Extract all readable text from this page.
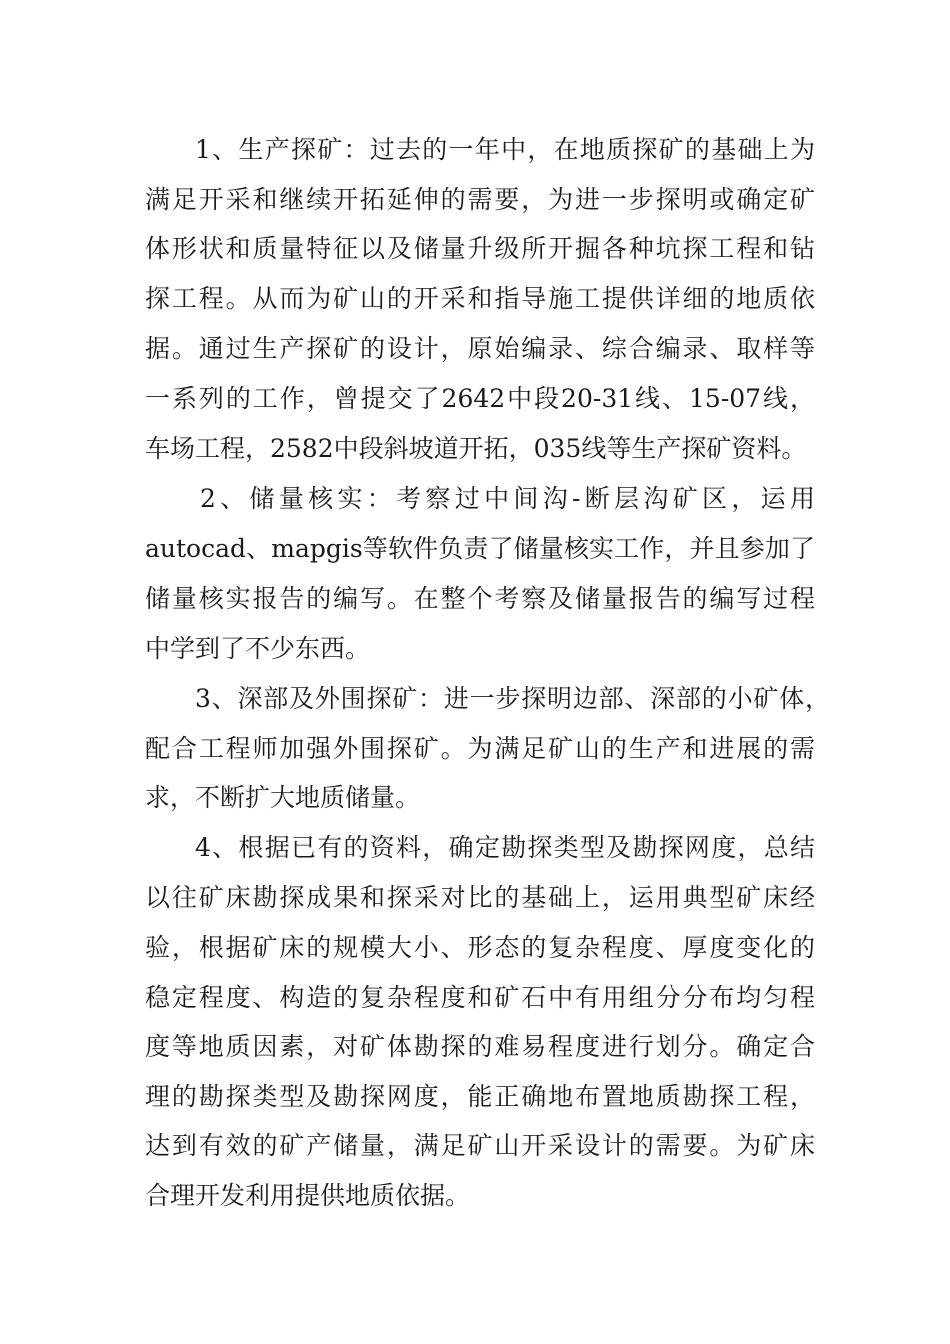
1、生产探矿：过去的一年中，在地质探矿的基础上为

满足开采和继续开拓延伸的需要，为进一步探明或确定矿

体形状和质量特征以及储量升级所开掘各种坑探工程和钻

探工程。从而为矿山的开采和指导施工提供详细的地质依

据。通过生产探矿的设计，原始编录、综合编录、取样等

一系列的工作，曾提交了2642中段20-31线、15-07线，

车场工程，2582中段斜坡道开拓，035线等生产探矿资料。

2、储量核实：考察过中间沟-断层沟矿区，运用

autocad、mapgis等软件负责了储量核实工作，并且参加了

储量核实报告的编写。在整个考察及储量报告的编写过程

中学到了不少东西。

3、深部及外围探矿：进一步探明边部、深部的小矿体，

配合工程师加强外围探矿。为满足矿山的生产和进展的需

求，不断扩大地质储量。

4、根据已有的资料，确定勘探类型及勘探网度，总结

以往矿床勘探成果和探采对比的基础上，运用典型矿床经

验，根据矿床的规模大小、形态的复杂程度、厚度变化的

稳定程度、构造的复杂程度和矿石中有用组分分布均匀程

度等地质因素，对矿体勘探的难易程度进行划分。确定合

理的勘探类型及勘探网度，能正确地布置地质勘探工程，

达到有效的矿产储量，满足矿山开采设计的需要。为矿床

合理开发利用提供地质依据。
